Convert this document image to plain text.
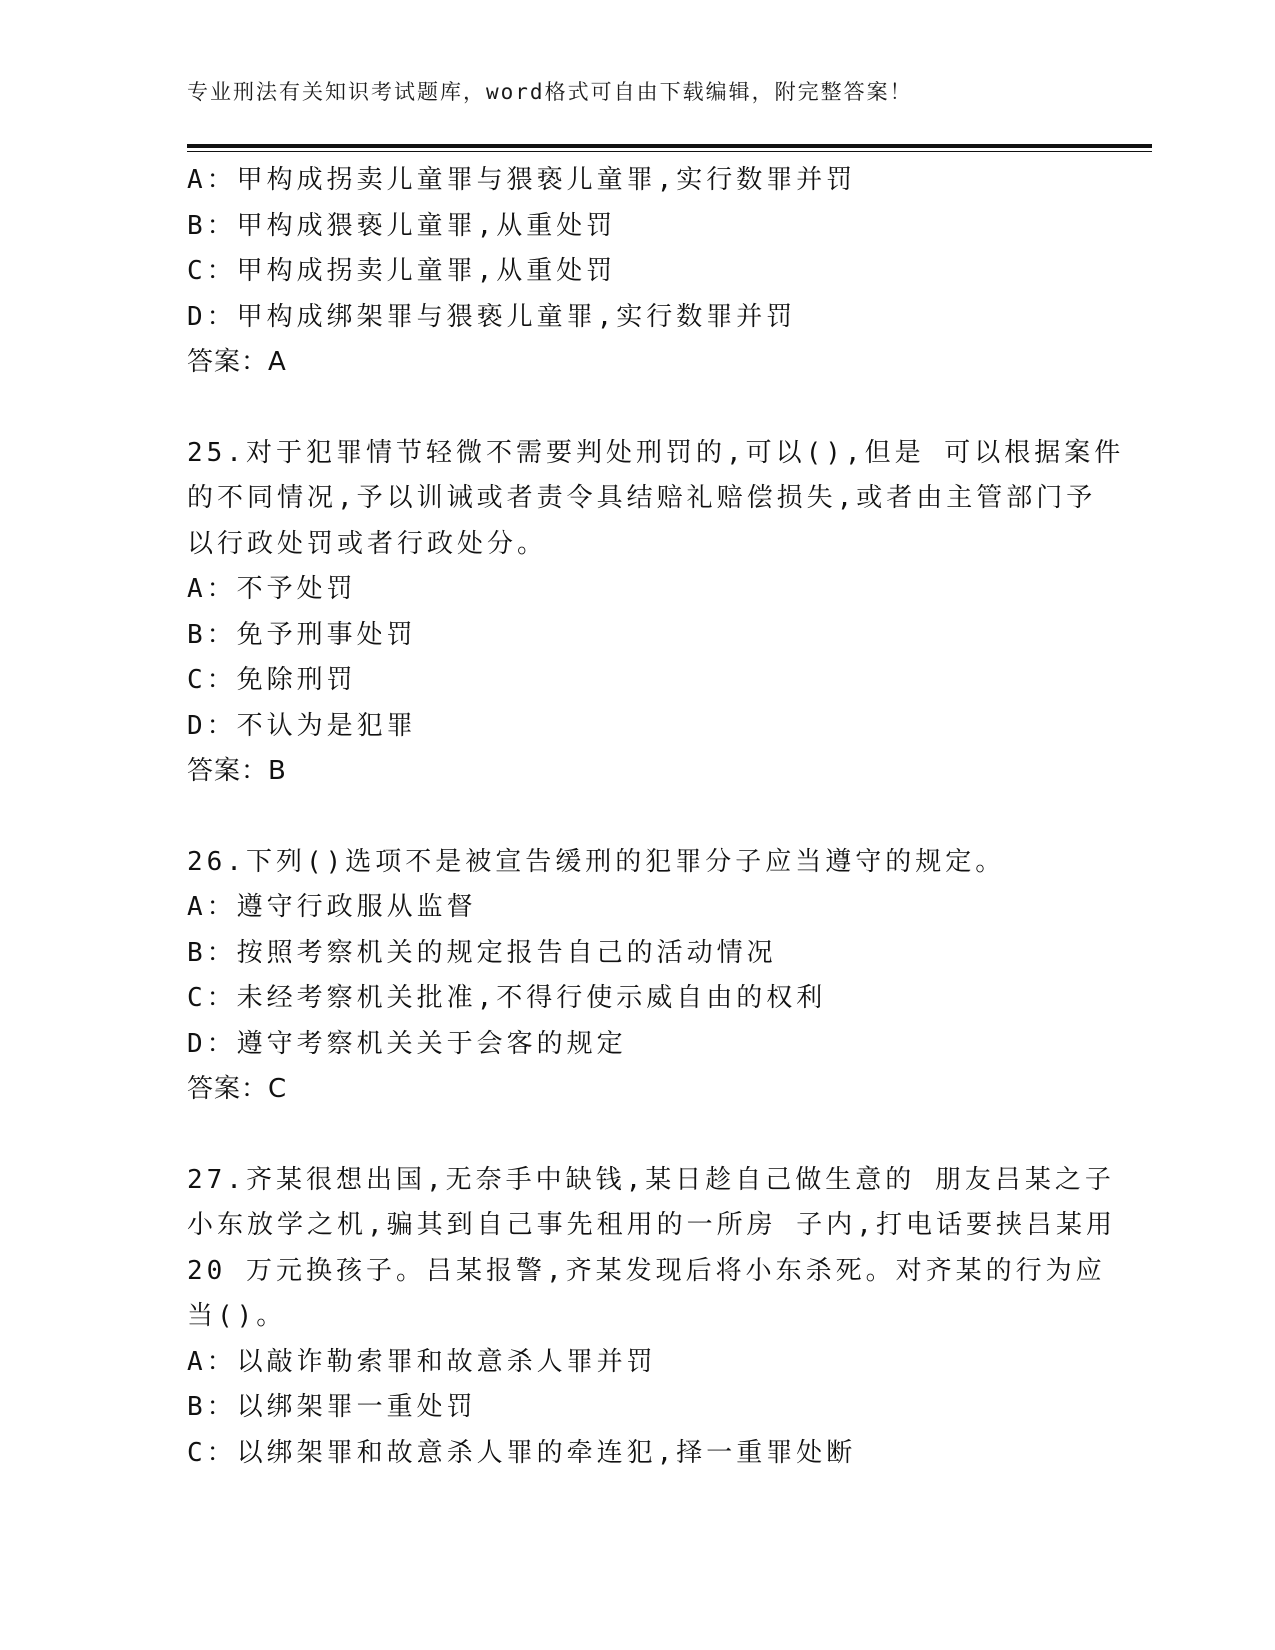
专业刑法有关知识考试题库，word格式可自由下载编辑，附完整答案！
A：甲构成拐卖儿童罪与猥亵儿童罪,实行数罪并罚
B：甲构成猥亵儿童罪,从重处罚
C：甲构成拐卖儿童罪,从重处罚
D：甲构成绑架罪与猥亵儿童罪,实行数罪并罚
答案：A
25.对于犯罪情节轻微不需要判处刑罚的,可以(),但是 可以根据案件
的不同情况,予以训诫或者责令具结赔礼赔偿损失,或者由主管部门予
以行政处罚或者行政处分。
A：不予处罚
B：免予刑事处罚
C：免除刑罚
D：不认为是犯罪
答案：B
26.下列()选项不是被宣告缓刑的犯罪分子应当遵守的规定。
A：遵守行政服从监督
B：按照考察机关的规定报告自己的活动情况
C：未经考察机关批准,不得行使示威自由的权利
D：遵守考察机关关于会客的规定
答案：C
27.齐某很想出国,无奈手中缺钱,某日趁自己做生意的 朋友吕某之子
小东放学之机,骗其到自己事先租用的一所房 子内,打电话要挟吕某用
20 万元换孩子。吕某报警,齐某发现后将小东杀死。对齐某的行为应
当()。
A：以敲诈勒索罪和故意杀人罪并罚
B：以绑架罪一重处罚
C：以绑架罪和故意杀人罪的牵连犯,择一重罪处断
